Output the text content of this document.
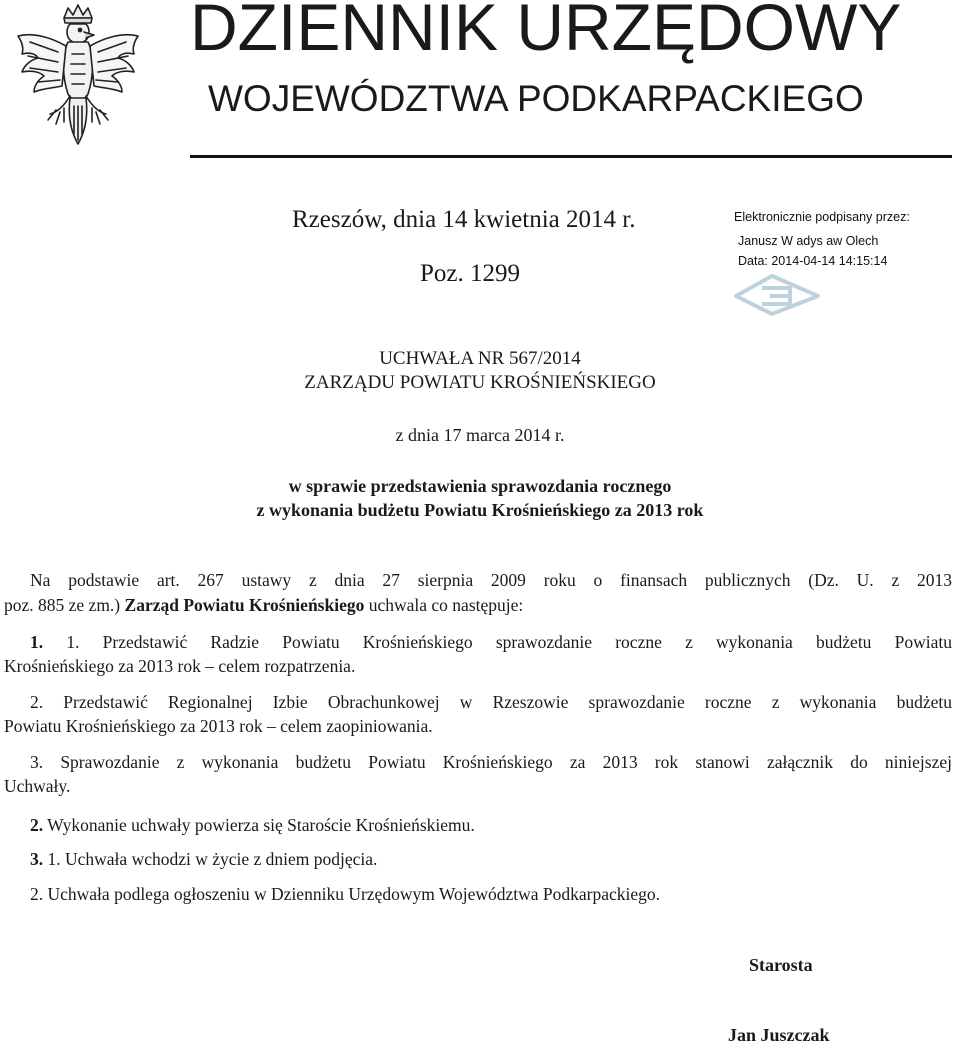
DZIENNIK URZĘDOWY
WOJEWÓDZTWA PODKARPACKIEGO
Rzeszów, dnia 14 kwietnia 2014 r.
Poz. 1299
Elektronicznie podpisany przez:
Janusz W adys aw Olech
Data: 2014-04-14 14:15:14
UCHWAŁA NR 567/2014
ZARZĄDU POWIATU KROŚNIEŃSKIEGO
z dnia 17 marca 2014 r.
w sprawie przedstawienia sprawozdania rocznego
z wykonania budżetu Powiatu Krośnieńskiego za 2013 rok
Na podstawie art. 267 ustawy z dnia 27 sierpnia 2009 roku o finansach publicznych (Dz. U. z 2013
poz. 885 ze zm.) Zarząd Powiatu Krośnieńskiego uchwala co następuje:
1. 1. Przedstawić Radzie Powiatu Krośnieńskiego sprawozdanie roczne z wykonania budżetu Powiatu
Krośnieńskiego za 2013 rok – celem rozpatrzenia.
2. Przedstawić Regionalnej Izbie Obrachunkowej w Rzeszowie sprawozdanie roczne z wykonania budżetu
Powiatu Krośnieńskiego za 2013 rok – celem zaopiniowania.
3. Sprawozdanie z wykonania budżetu Powiatu Krośnieńskiego za 2013 rok stanowi załącznik do niniejszej
Uchwały.
2. Wykonanie uchwały powierza się Staroście Krośnieńskiemu.
3. 1. Uchwała wchodzi w życie z dniem podjęcia.
2. Uchwała podlega ogłoszeniu w Dzienniku Urzędowym Województwa Podkarpackiego.
Starosta
Jan Juszczak
